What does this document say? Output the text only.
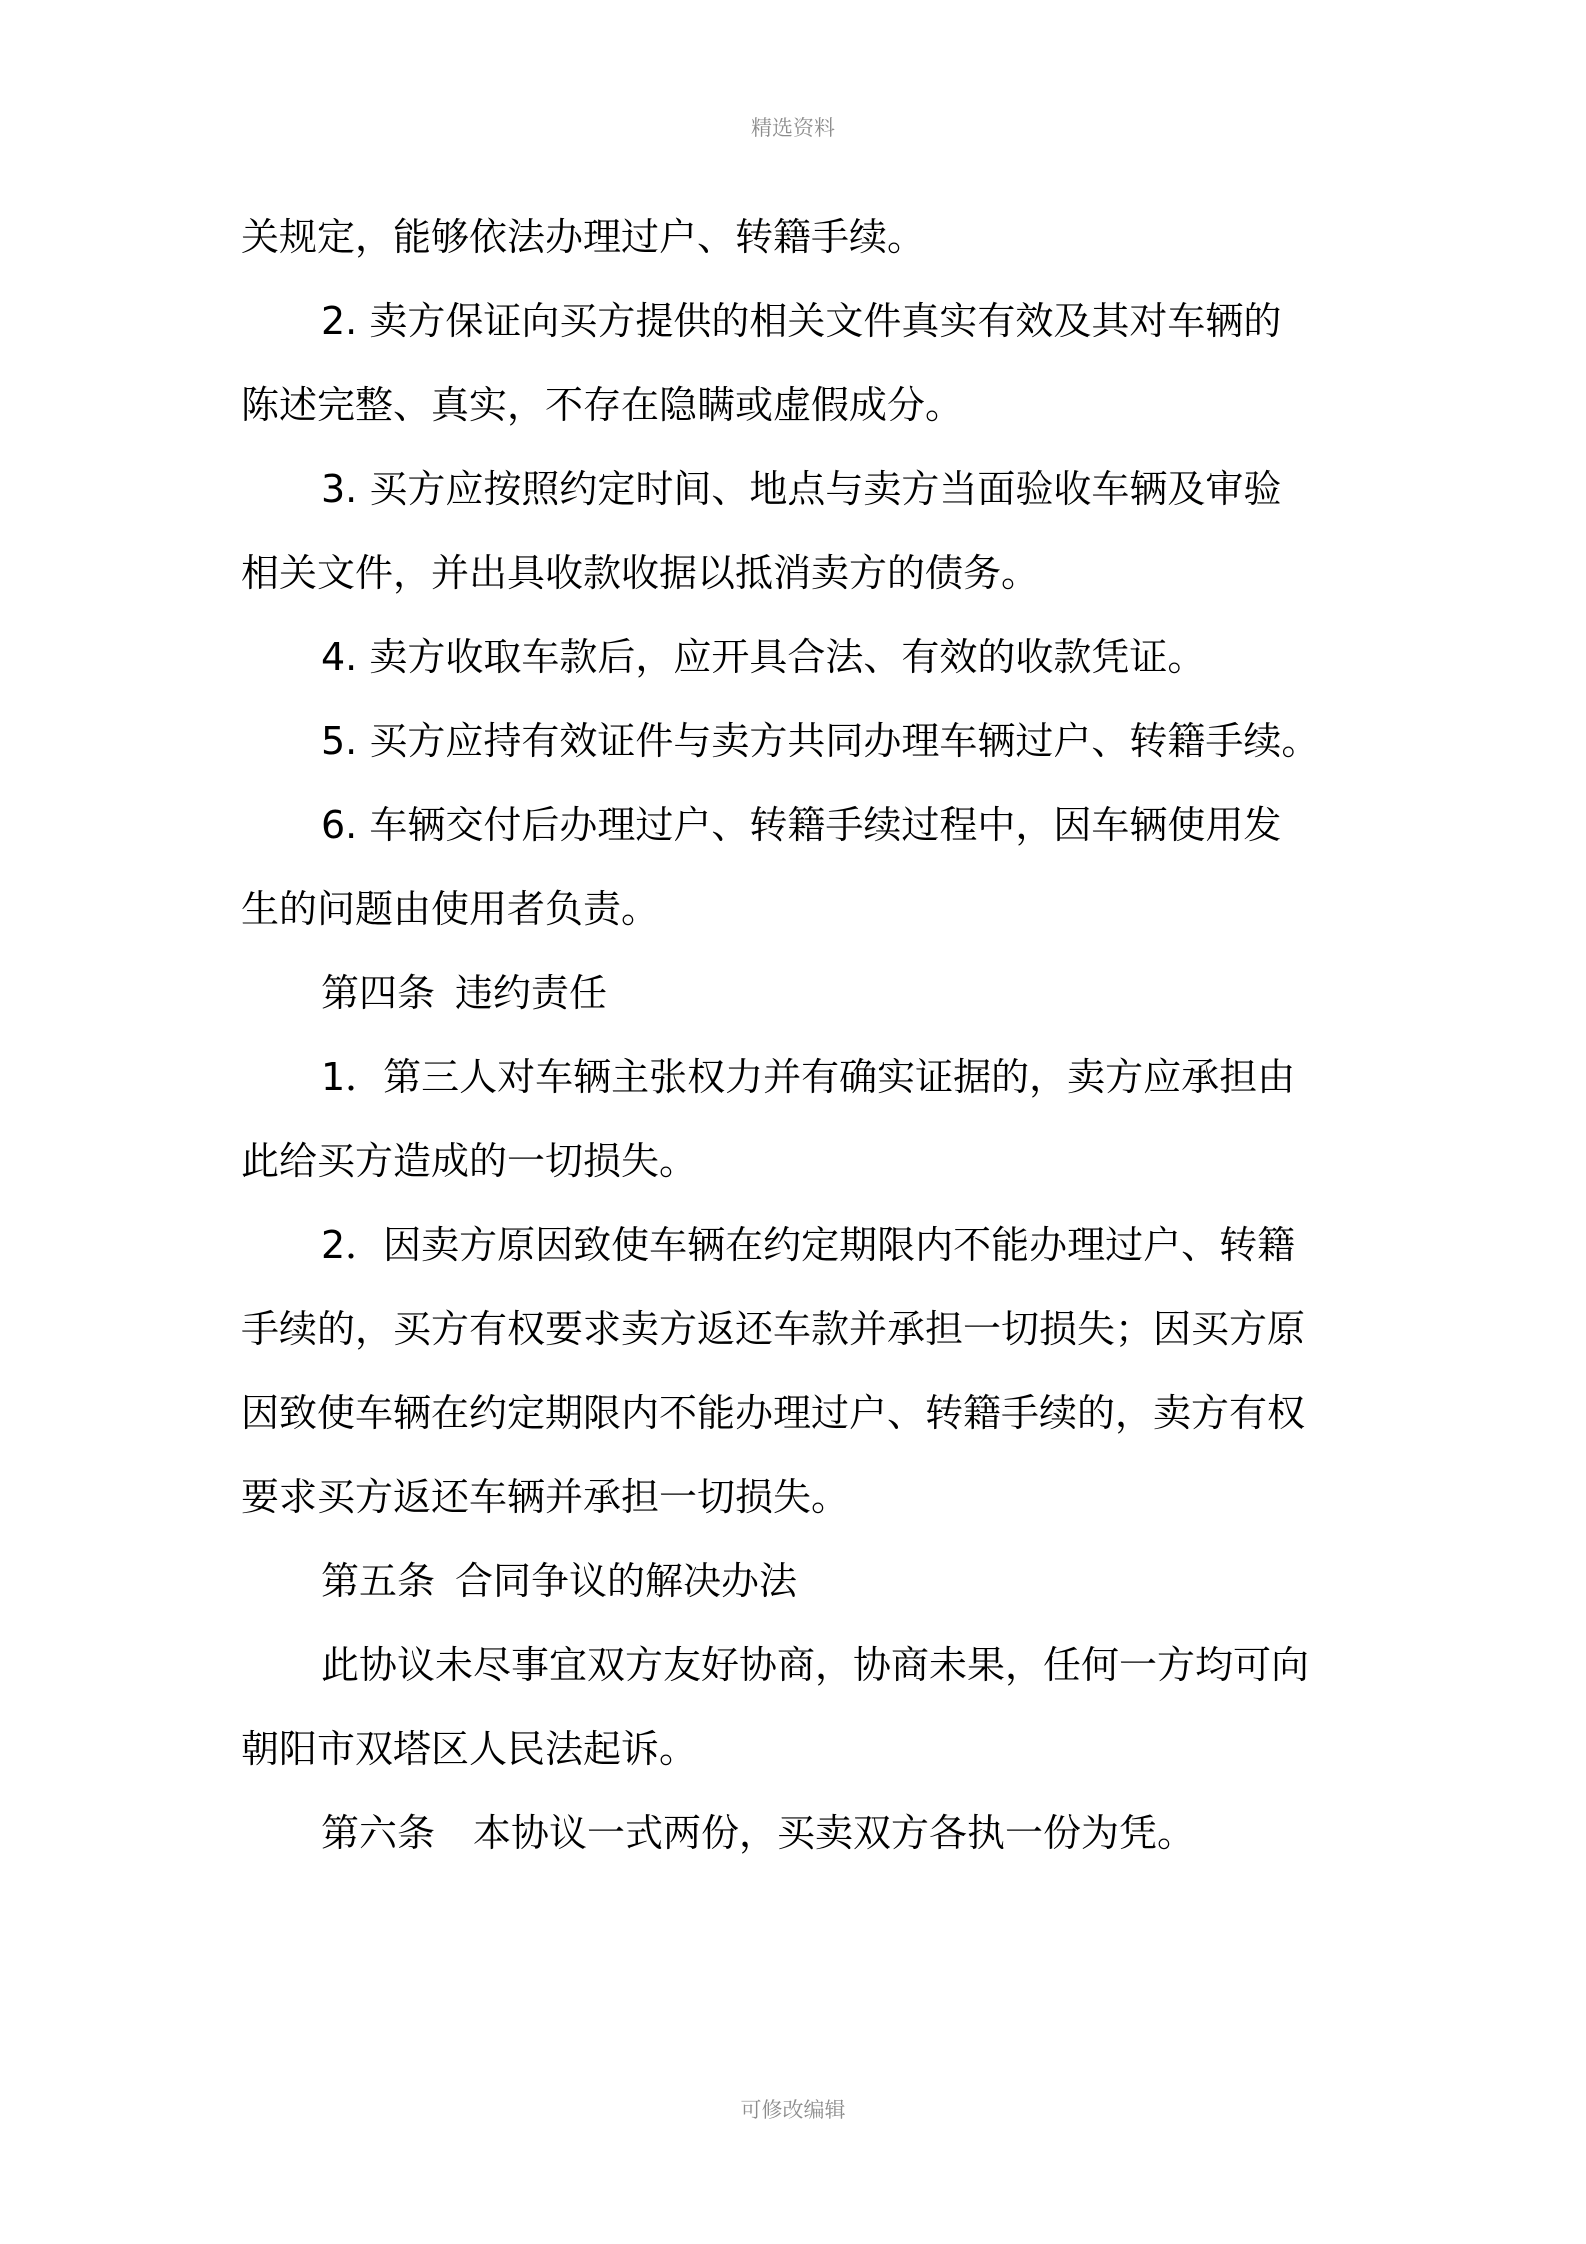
精选资料
关规定，能够依法办理过户、转籍手续。
2. 卖方保证向买方提供的相关文件真实有效及其对车辆的
陈述完整、真实，不存在隐瞒或虚假成分。
3. 买方应按照约定时间、地点与卖方当面验收车辆及审验
相关文件，并出具收款收据以抵消卖方的债务。
4. 卖方收取车款后，应开具合法、有效的收款凭证。
5. 买方应持有效证件与卖方共同办理车辆过户、转籍手续。
6. 车辆交付后办理过户、转籍手续过程中，因车辆使用发
生的问题由使用者负责。
第四条 违约责任
1．第三人对车辆主张权力并有确实证据的，卖方应承担由
此给买方造成的一切损失。
2．因卖方原因致使车辆在约定期限内不能办理过户、转籍
手续的，买方有权要求卖方返还车款并承担一切损失；因买方原
因致使车辆在约定期限内不能办理过户、转籍手续的，卖方有权
要求买方返还车辆并承担一切损失。
第五条 合同争议的解决办法
此协议未尽事宜双方友好协商，协商未果，任何一方均可向
朝阳市双塔区人民法起诉。
第六条 本协议一式两份，买卖双方各执一份为凭。
可修改编辑
